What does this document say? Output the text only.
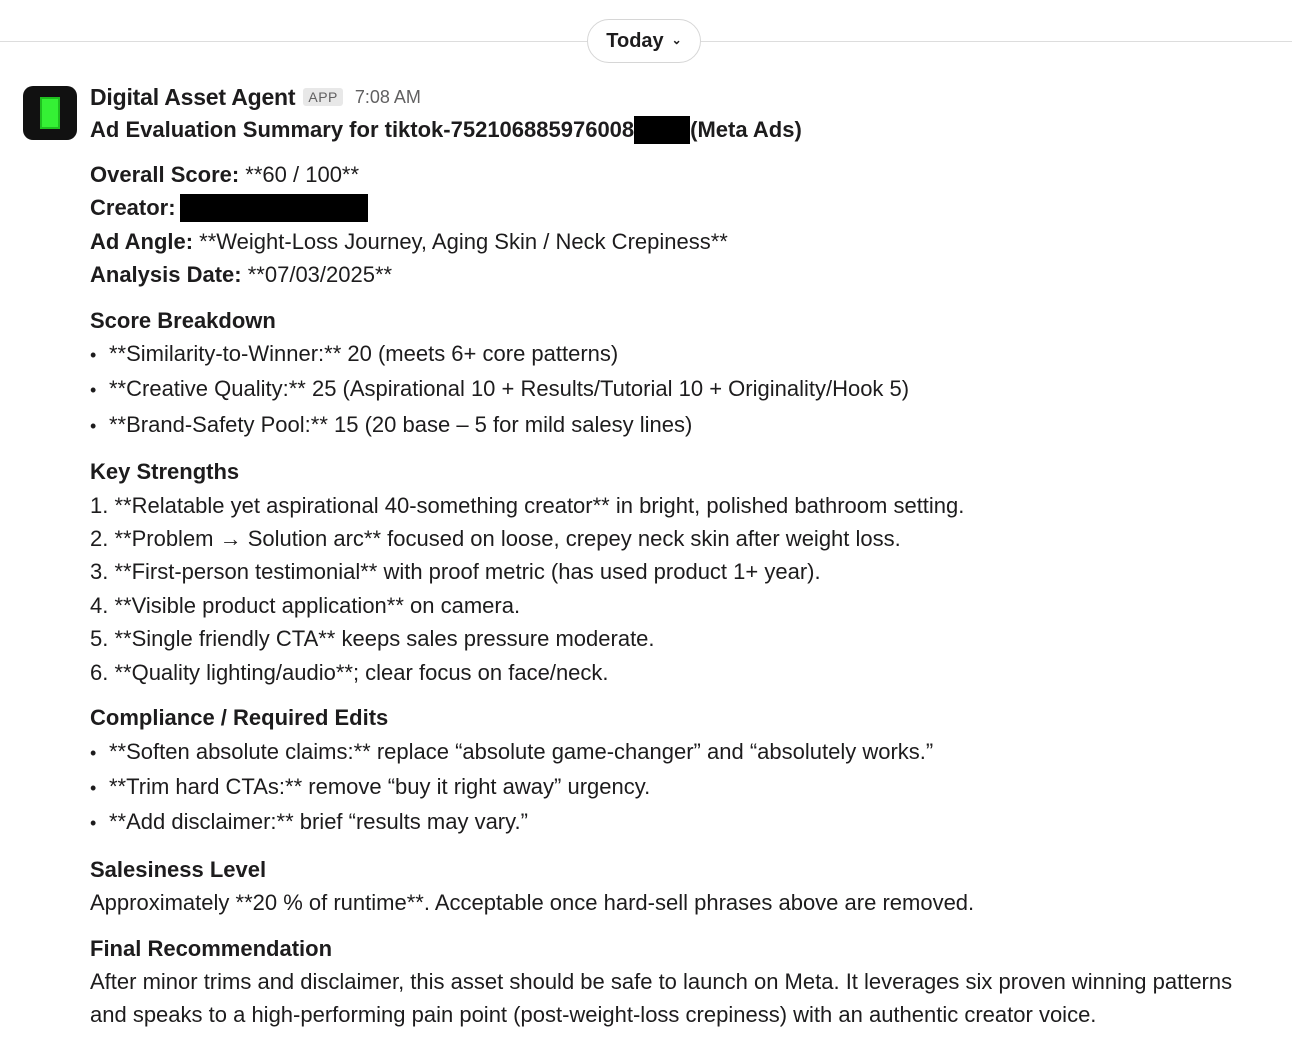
Today ⌄
Digital Asset Agent APP 7:08 AM
Ad Evaluation Summary for tiktok-752106885976008	(Meta Ads)
Overall Score: **60 / 100**
Creator:
Ad Angle: **Weight-Loss Journey, Aging Skin / Neck Crepiness**
Analysis Date: **07/03/2025**
Score Breakdown
• **Similarity-to-Winner:** 20 (meets 6+ core patterns)
• **Creative Quality:** 25 (Aspirational 10 + Results/Tutorial 10 + Originality/Hook 5)
• **Brand-Safety Pool:** 15 (20 base – 5 for mild salesy lines)
Key Strengths
1. **Relatable yet aspirational 40-something creator** in bright, polished bathroom setting.
2. **Problem → Solution arc** focused on loose, crepey neck skin after weight loss.
3. **First-person testimonial** with proof metric (has used product 1+ year).
4. **Visible product application** on camera.
5. **Single friendly CTA** keeps sales pressure moderate.
6. **Quality lighting/audio**; clear focus on face/neck.
Compliance / Required Edits
• **Soften absolute claims:** replace “absolute game-changer” and “absolutely works.”
• **Trim hard CTAs:** remove “buy it right away” urgency.
• **Add disclaimer:** brief “results may vary.”
Salesiness Level
Approximately **20 % of runtime**. Acceptable once hard-sell phrases above are removed.
Final Recommendation
After minor trims and disclaimer, this asset should be safe to launch on Meta. It leverages six proven winning patterns and speaks to a high-performing pain point (post-weight-loss crepiness) with an authentic creator voice.
